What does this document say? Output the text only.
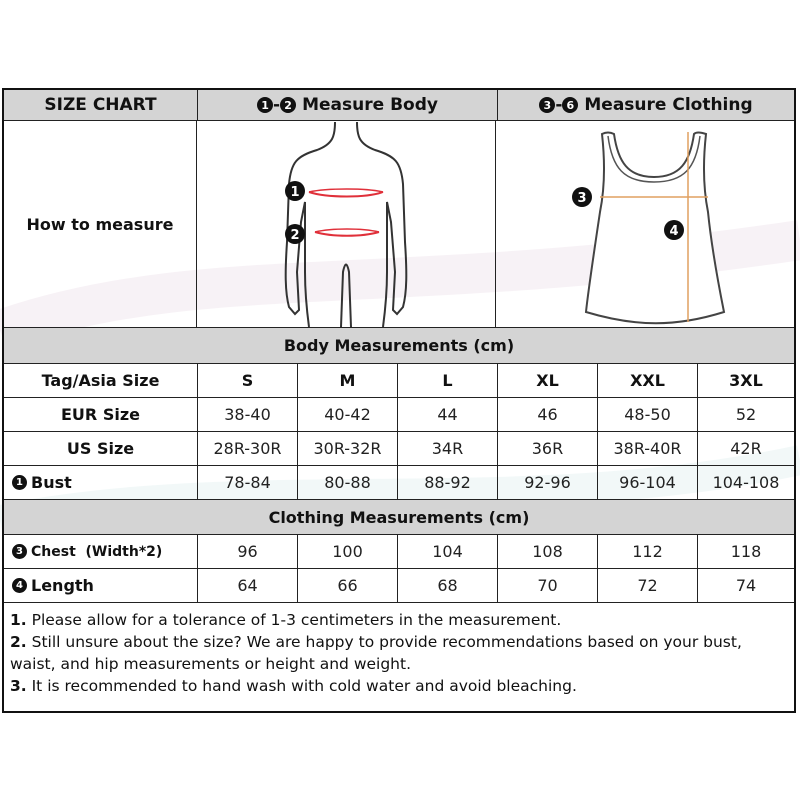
SIZE CHART	1 - 2 Measure Body	3 - 6 Measure Clothing
How to measure
1
2
3
4
Body Measurements (cm)
Tag/Asia Size	S	M	L	XL	XXL	3XL
EUR Size	38-40	40-42	44	46	48-50	52
US Size	28R-30R	30R-32R	34R	36R	38R-40R	42R
1 Bust	78-84	80-88	88-92	92-96	96-104	104-108
Clothing Measurements (cm)
3 Chest  (Width*2)	96	100	104	108	112	118
4 Length	64	66	68	70	72	74
1. Please allow for a tolerance of 1-3 centimeters in the measurement.
2. Still unsure about the size? We are happy to provide recommendations based on your bust, waist, and hip measurements or height and weight.
3. It is recommended to hand wash with cold water and avoid bleaching.
